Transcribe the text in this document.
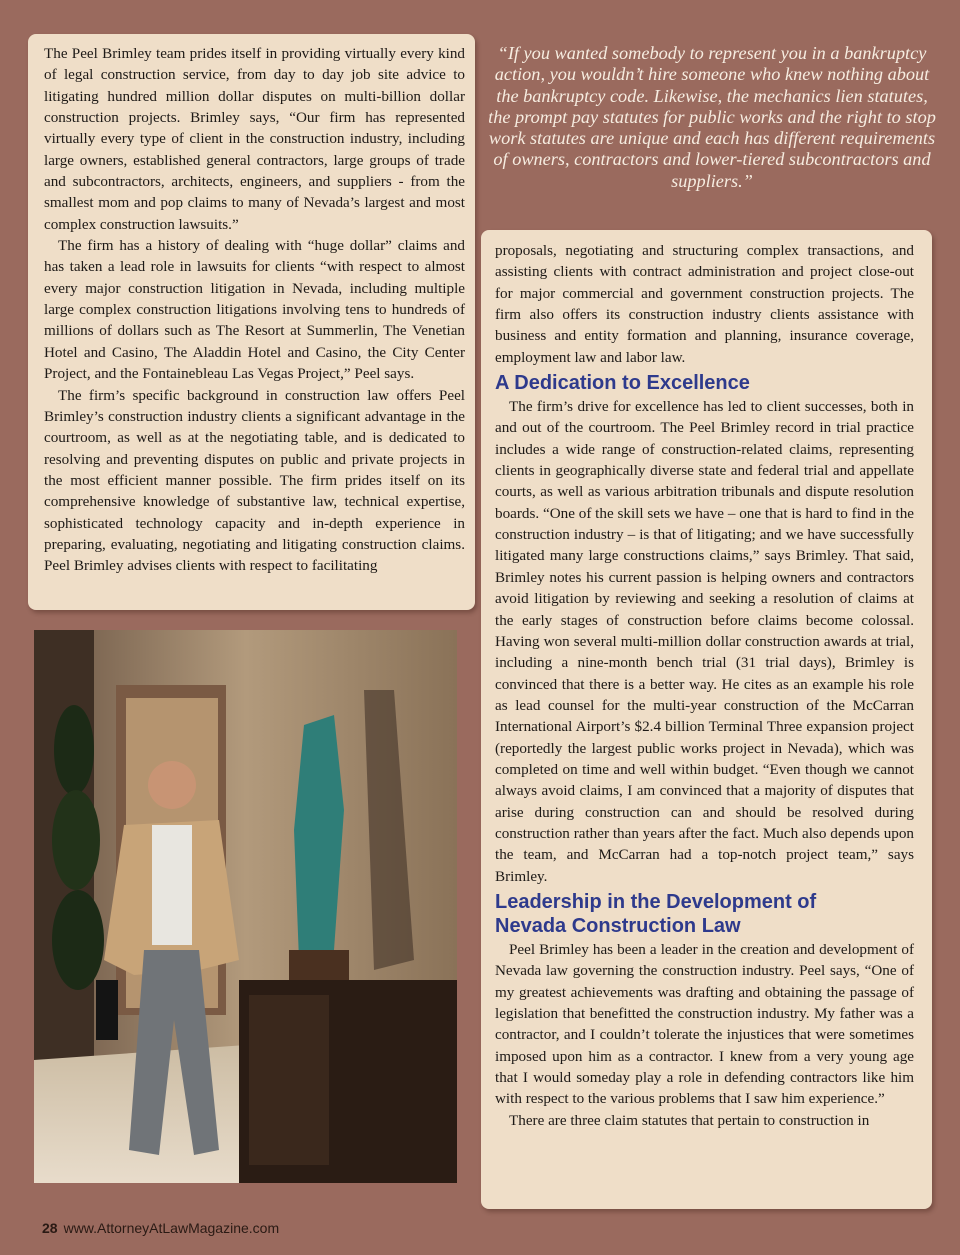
The Peel Brimley team prides itself in providing virtually every kind of legal construction service, from day to day job site advice to litigating hundred million dollar disputes on multi-billion dollar construction projects. Brimley says, “Our firm has represented virtually every type of client in the construction industry, including large owners, established general contractors, large groups of trade and subcontractors, architects, engineers, and suppliers - from the smallest mom and pop claims to many of Nevada’s largest and most complex construction lawsuits.”

The firm has a history of dealing with “huge dollar” claims and has taken a lead role in lawsuits for clients “with respect to almost every major construction litigation in Nevada, including multiple large complex construction litigations involving tens to hundreds of millions of dollars such as The Resort at Summerlin, The Venetian Hotel and Casino, The Aladdin Hotel and Casino, the City Center Project, and the Fontainebleau Las Vegas Project,” Peel says.

The firm’s specific background in construction law offers Peel Brimley’s construction industry clients a significant advantage in the courtroom, as well as at the negotiating table, and is dedicated to resolving and preventing disputes on public and private projects in the most efficient manner possible. The firm prides itself on its comprehensive knowledge of substantive law, technical expertise, sophisticated technology capacity and in-depth experience in preparing, evaluating, negotiating and litigating construction claims. Peel Brimley advises clients with respect to facilitating

“If you wanted somebody to represent you in a bankruptcy action, you wouldn’t hire someone who knew nothing about the bankruptcy code. Likewise, the mechanics lien statutes, the prompt pay statutes for public works and the right to stop work statutes are unique and each has different requirements of owners, contractors and lower-tiered subcontractors and suppliers.”

proposals, negotiating and structuring complex transactions, and assisting clients with contract administration and project close-out for major commercial and government construction projects. The firm also offers its construction industry clients assistance with business and entity formation and planning, insurance coverage, employment law and labor law.

A Dedication to Excellence

The firm’s drive for excellence has led to client successes, both in and out of the courtroom. The Peel Brimley record in trial practice includes a wide range of construction-related claims, representing clients in geographically diverse state and federal trial and appellate courts, as well as various arbitration tribunals and dispute resolution boards. “One of the skill sets we have – one that is hard to find in the construction industry – is that of litigating; and we have successfully litigated many large constructions claims,” says Brimley. That said, Brimley notes his current passion is helping owners and contractors avoid litigation by reviewing and seeking a resolution of claims at the early stages of construction before claims become colossal. Having won several multi-million dollar construction awards at trial, including a nine-month bench trial (31 trial days), Brimley is convinced that there is a better way. He cites as an example his role as lead counsel for the multi-year construction of the McCarran International Airport’s $2.4 billion Terminal Three expansion project (reportedly the largest public works project in Nevada), which was completed on time and well within budget. “Even though we cannot always avoid claims, I am convinced that a majority of disputes that arise during construction can and should be resolved during construction rather than years after the fact. Much also depends upon the team, and McCarran had a top-notch project team,” says Brimley.

Leadership in the Development of
Nevada Construction Law

Peel Brimley has been a leader in the creation and development of Nevada law governing the construction industry. Peel says, “One of my greatest achievements was drafting and obtaining the passage of legislation that benefitted the construction industry. My father was a contractor, and I couldn’t tolerate the injustices that were sometimes imposed upon him as a contractor. I knew from a very young age that I would someday play a role in defending contractors like him with respect to the various problems that I saw him experience.”

There are three claim statutes that pertain to construction in

28 www.AttorneyAtLawMagazine.com
